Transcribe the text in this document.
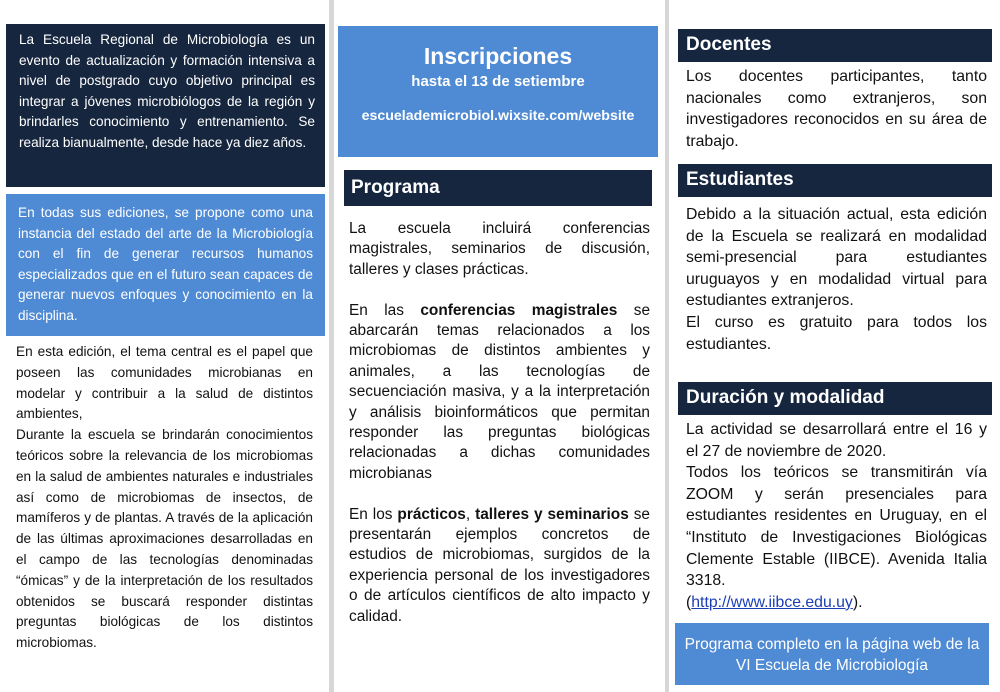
La Escuela Regional de Microbiología es un evento de actualización y formación intensiva a nivel de postgrado cuyo objetivo principal es integrar a jóvenes microbiólogos de la región y brindarles conocimiento y entrenamiento. Se realiza bianualmente, desde hace ya diez años.
En todas sus ediciones, se propone como una instancia del estado del arte de la Microbiología con el fin de generar recursos humanos especializados que en el futuro sean capaces de generar nuevos enfoques y conocimiento en la disciplina.

En esta edición, el tema central es el papel que poseen las comunidades microbianas en modelar y contribuir a la salud de distintos ambientes,

Durante la escuela se brindarán conocimientos teóricos sobre la relevancia de los microbiomas en la salud de ambientes naturales e industriales así como de microbiomas de insectos, de mamíferos y de plantas. A través de la aplicación de las últimas aproximaciones desarrolladas en el campo de las tecnologías denominadas “ómicas” y de la interpretación de los resultados obtenidos se buscará responder distintas preguntas biológicas de los distintos microbiomas.

Inscripciones
hasta el 13 de setiembre
escuelademicrobiol.wixsite.com/website
Programa

La escuela incluirá conferencias magistrales, seminarios de discusión, talleres y clases prácticas.

En las conferencias magistrales se abarcarán temas relacionados a los microbiomas de distintos ambientes y animales, a las tecnologías de secuenciación masiva, y a la interpretación y análisis bioinformáticos que permitan responder las preguntas biológicas relacionadas a dichas comunidades microbianas

En los prácticos, talleres y seminarios se presentarán ejemplos concretos de estudios de microbiomas, surgidos de la experiencia personal de los investigadores o de artículos científicos de alto impacto y calidad.

Docentes

Los docentes participantes, tanto nacionales como extranjeros, son investigadores reconocidos en su área de trabajo.

Estudiantes

Debido a la situación actual, esta edición de la Escuela se realizará en modalidad semi-presencial para estudiantes uruguayos y en modalidad virtual para estudiantes extranjeros.

El curso es gratuito para todos los estudiantes.

Duración y modalidad

La actividad se desarrollará entre el 16 y el 27 de noviembre de 2020.

Todos los teóricos se transmitirán vía ZOOM y serán presenciales para estudiantes residentes en Uruguay, en el “Instituto de Investigaciones Biológicas Clemente Estable (IIBCE). Avenida Italia 3318.

(http://www.iibce.edu.uy).

Programa completo en la página web de la VI Escuela de Microbiología
